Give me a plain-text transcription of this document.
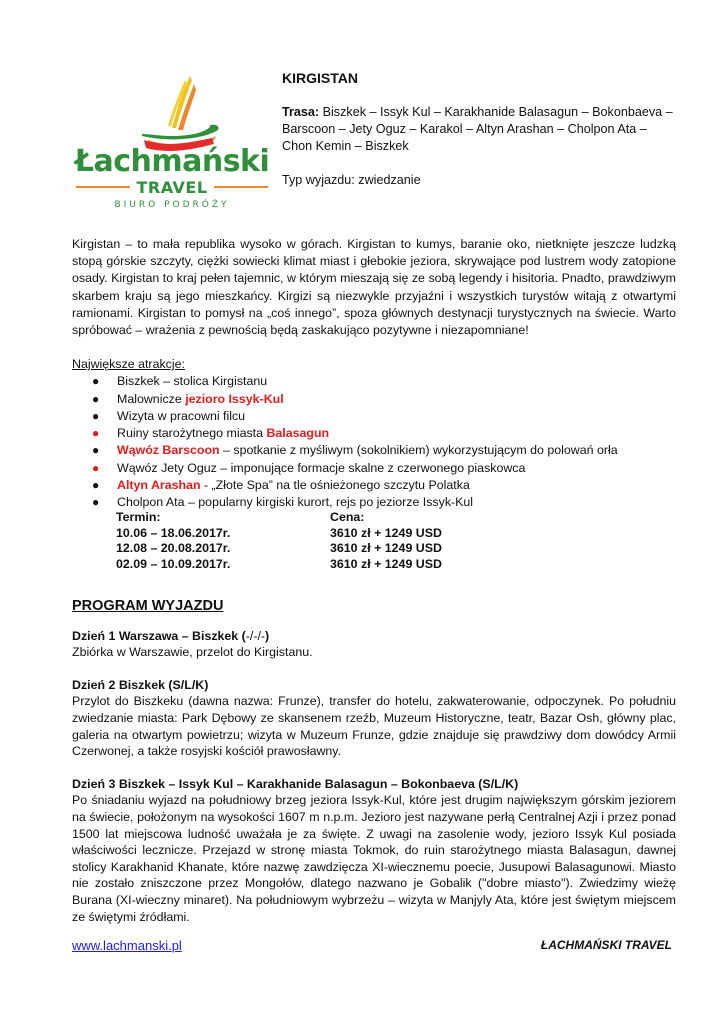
Łachmański
TRAVEL
BIURO PODRÓŻY
KIRGISTAN
Trasa: Biszkek – Issyk Kul – Karakhanide Balasagun – Bokonbaeva – Barscoon – Jety Oguz – Karakol – Altyn Arashan – Cholpon Ata – Chon Kemin – Biszkek
Typ wyjazdu: zwiedzanie
Kirgistan – to mała republika wysoko w górach. Kirgistan to kumys, baranie oko, nietknięte jeszcze ludzką stopą górskie szczyty, ciężki sowiecki klimat miast i głebokie jeziora, skrywające pod lustrem wody zatopione osady. Kirgistan to kraj pełen tajemnic, w którym mieszają się ze sobą legendy i hisitoria. Pnadto, prawdziwym skarbem kraju są jego mieszkańcy. Kirgizi są niezwykle przyjaźni i wszystkich turystów witają z otwartymi ramionami. Kirgistan to pomysł na „coś innego”, spoza głównych destynacji turystycznych na świecie. Warto spróbować – wrażenia z pewnością będą zaskakująco pozytywne i niezapomniane!
Największe atrakcje:
● Biszkek – stolica Kirgistanu
● Malownicze jezioro Issyk-Kul
● Wizyta w pracowni filcu
● Ruiny starożytnego miasta Balasagun
● Wąwóz Barscoon – spotkanie z myśliwym (sokolnikiem) wykorzystującym do polowań orła
● Wąwóz Jety Oguz – imponujące formacje skalne z czerwonego piaskowca
● Altyn Arashan - „Złote Spa” na tle ośnieżonego szczytu Polatka
● Cholpon Ata – popularny kirgiski kurort, rejs po jeziorze Issyk-Kul
Termin:	Cena:
10.06 – 18.06.2017r.	3610 zł + 1249 USD
12.08 – 20.08.2017r.	3610 zł + 1249 USD
02.09 – 10.09.2017r.	3610 zł + 1249 USD
PROGRAM WYJAZDU
Dzień 1 Warszawa – Biszkek (-/-/-)
Zbiórka w Warszawie, przelot do Kirgistanu.
Dzień 2 Biszkek (S/L/K)
Przylot do Biszkeku (dawna nazwa: Frunze), transfer do hotelu, zakwaterowanie, odpoczynek. Po południu zwiedzanie miasta: Park Dębowy ze skansenem rzeźb, Muzeum Historyczne, teatr, Bazar Osh, główny plac, galeria na otwartym powietrzu; wizyta w Muzeum Frunze, gdzie znajduje się prawdziwy dom dowódcy Armii Czerwonej, a także rosyjski kościół prawosławny.
Dzień 3 Biszkek – Issyk Kul – Karakhanide Balasagun – Bokonbaeva (S/L/K)
Po śniadaniu wyjazd na południowy brzeg jeziora Issyk-Kul, które jest drugim największym górskim jeziorem na świecie, położonym na wysokości 1607 m n.p.m. Jezioro jest nazywane perłą Centralnej Azji i przez ponad 1500 lat miejscowa ludność uważała je za święte. Z uwagi na zasolenie wody, jezioro Issyk Kul posiada właściwości lecznicze. Przejazd w stronę miasta Tokmok, do ruin starożytnego miasta Balasagun, dawnej stolicy Karakhanid Khanate, które nazwę zawdzięcza XI-wiecznemu poecie, Jusupowi Balasagunowi. Miasto nie zostało zniszczone przez Mongołów, dlatego nazwano je Gobalik ("dobre miasto"). Zwiedzimy wieżę Burana (XI-wieczny minaret). Na południowym wybrzeżu – wizyta w Manjyly Ata, które jest świętym miejscem ze świętymi źródłami.
www.lachmanski.pl	ŁACHMAŃSKI TRAVEL
